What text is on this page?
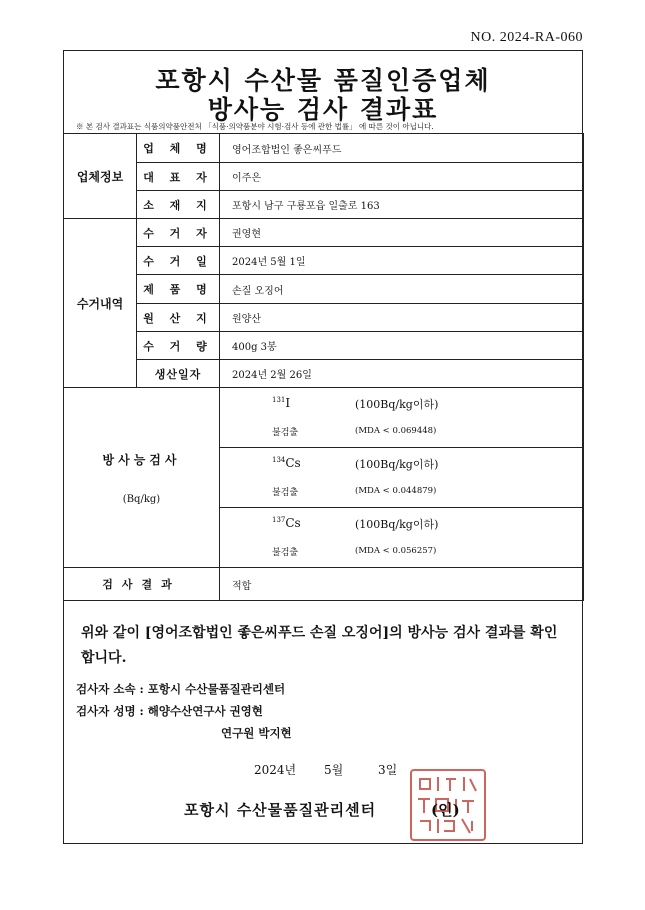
NO. 2024-RA-060
포항시 수산물 품질인증업체
방사능 검사 결과표
※ 본 검사 결과표는 식품의약품안전처 「식품·의약품분야 시험·검사 등에 관한 법률」 에 따른 것이 아닙니다.
업체정보	업 체 명	영어조합법인 좋은씨푸드
	대 표 자	이주은
	소 재 지	포항시 남구 구룡포읍 일출로 163
수거내역	수 거 자	권영현
	수 거 일	2024년 5월 1일
	제 품 명	손질 오징어
	원 산 지	원양산
	수 거 량	400g 3봉
	생산일자	2024년 2월 26일
방사능검사
(Bq/kg)		$^{131}$I (100Bq/kg이하)
불검출 (MDA < 0.069448)

		$^{134}$Cs (100Bq/kg이하)
불검출 (MDA < 0.044879)

		$^{137}$Cs (100Bq/kg이하)
불검출 (MDA < 0.056257)

검사결과		적합
위와 같이 [영어조합법인 좋은씨푸드 손질 오징어]의 방사능 검사 결과를 확인합니다.
검사자 소속 : 포항시 수산물품질관리센터
검사자 성명 : 해양수산연구사 권영현
연구원 박지현
2024년 5월	3일
포항시 수산물품질관리센터	(인)
